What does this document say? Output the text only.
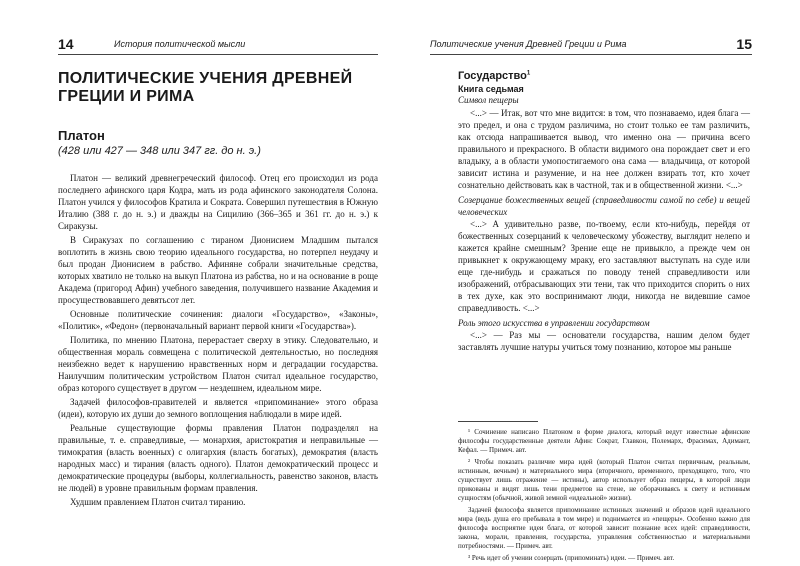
14	История политической мысли
ПОЛИТИЧЕСКИЕ УЧЕНИЯ ДРЕВНЕЙ ГРЕЦИИ И РИМА
Платон
(428 или 427 — 348 или 347 гг. до н. э.)

Платон — великий древнегреческий философ. Отец его происходил из рода последнего афинского царя Кодра, мать из рода афинского законодателя Солона. Платон учился у философов Кратила и Сократа. Совершил путешествия в Южную Италию (388 г. до н. э.) и дважды на Сицилию (366–365 и 361 гг. до н. э.) к Сиракузы.

В Сиракузах по соглашению с тираном Дионисием Младшим пытался воплотить в жизнь свою теорию идеального государства, но потерпел неудачу и был продан Дионисием в рабство. Афиняне собрали значительные средства, которых хватило не только на выкуп Платона из рабства, но и на основание в роще Академа (пригород Афин) учебного заведения, получившего название Академия и просуществовавшего девятьсот лет.

Основные политические сочинения: диалоги «Государство», «Законы», «Политик», «Федон» (первоначальный вариант первой книги «Государства»).

Политика, по мнению Платона, перерастает сверху в этику. Следовательно, и общественная мораль совмещена с политической деятельностью, но последняя неизбежно ведет к нарушению нравственных норм и деградации государства. Наилучшим политическим устройством Платон считал идеальное государство, образ которого существует в другом — нездешнем, идеальном мире.

Задачей философов-правителей и является «припоминание» этого образа (идеи), которую их души до земного воплощения наблюдали в мире идей.

Реальные существующие формы правления Платон подразделял на правильные, т. е. справедливые, — монархия, аристократия и неправильные — тимократия (власть военных) с олигархия (власть богатых), демократия (власть народных масс) и тирания (власть одного). Платон демократический процесс и демократические процедуры (выборы, коллегиальность, равенство законов, власть не людей) в уровне правильным формам правления.

Худшим правлением Платон считал тиранию.

Политические учения Древней Греции и Рима	15
Государство$^1$
Книга седьмая
Символ пещеры

<...> — Итак, вот что мне видится: в том, что познаваемо, идея блага — это предел, и она с трудом различима, но стоит только ее там различить, как отсюда напрашивается вывод, что именно она — причина всего правильного и прекрасного. В области видимого она порождает свет и его владыку, а в области умопостигаемого она сама — владычица, от которой зависит истина и разумение, и на нее должен взирать тот, кто хочет сознательно действовать как в частной, так и в общественной жизни. <...>

Созерцание божественных вещей (справедливости самой по себе) и вещей человеческих

<...> А удивительно разве, по-твоему, если кто-нибудь, перейдя от божественных созерцаний к человеческому убожеству, выглядит нелепо и кажется крайне смешным? Зрение еще не привыкло, а прежде чем он привыкнет к окружающему мраку, его заставляют выступать на суде или еще где-нибудь и сражаться по поводу теней справедливости или изображений, отбрасывающих эти тени, так что приходится спорить о них в тех духе, как это воспринимают люди, никогда не видевшие самое справедливость. <...>

Роль этого искусства в управлении государством

<...> — Раз мы — основатели государства, нашим делом будет заставлять лучшие натуры учиться тому познанию, которое мы раньше

¹ Сочинение написано Платоном в форме диалога, который ведут известные афинские философы государственные деятели Афин: Сократ, Главкон, Полемарх, Фрасимах, Адимант, Кефал. — Примеч. авт.

² Чтобы показать различие мира идей (который Платон считал первичным, реальным, истинным, вечным) и материального мира (вторичного, временного, преходящего, того, что существует лишь отражение — истины), автор использует образ пещеры, в которой люди прикованы и видят лишь тени предметов на стене, не оборачиваясь к свету и истинным сущностям (обычной, живой земной «идеальной» жизни).

Задачей философа является припоминание истинных значений и образов идей идеального мира (ведь душа его пребывала в том мире) и поднимается из «пещеры». Особенно важно для философа восприятие идеи блага, от которой зависит познание всех идей: справедливости, закона, морали, правления, государства, управления собственностью и материальными потребностями. — Примеч. авт.

³ Речь идет об учении созерцать (припоминать) идеи. — Примеч. авт.
